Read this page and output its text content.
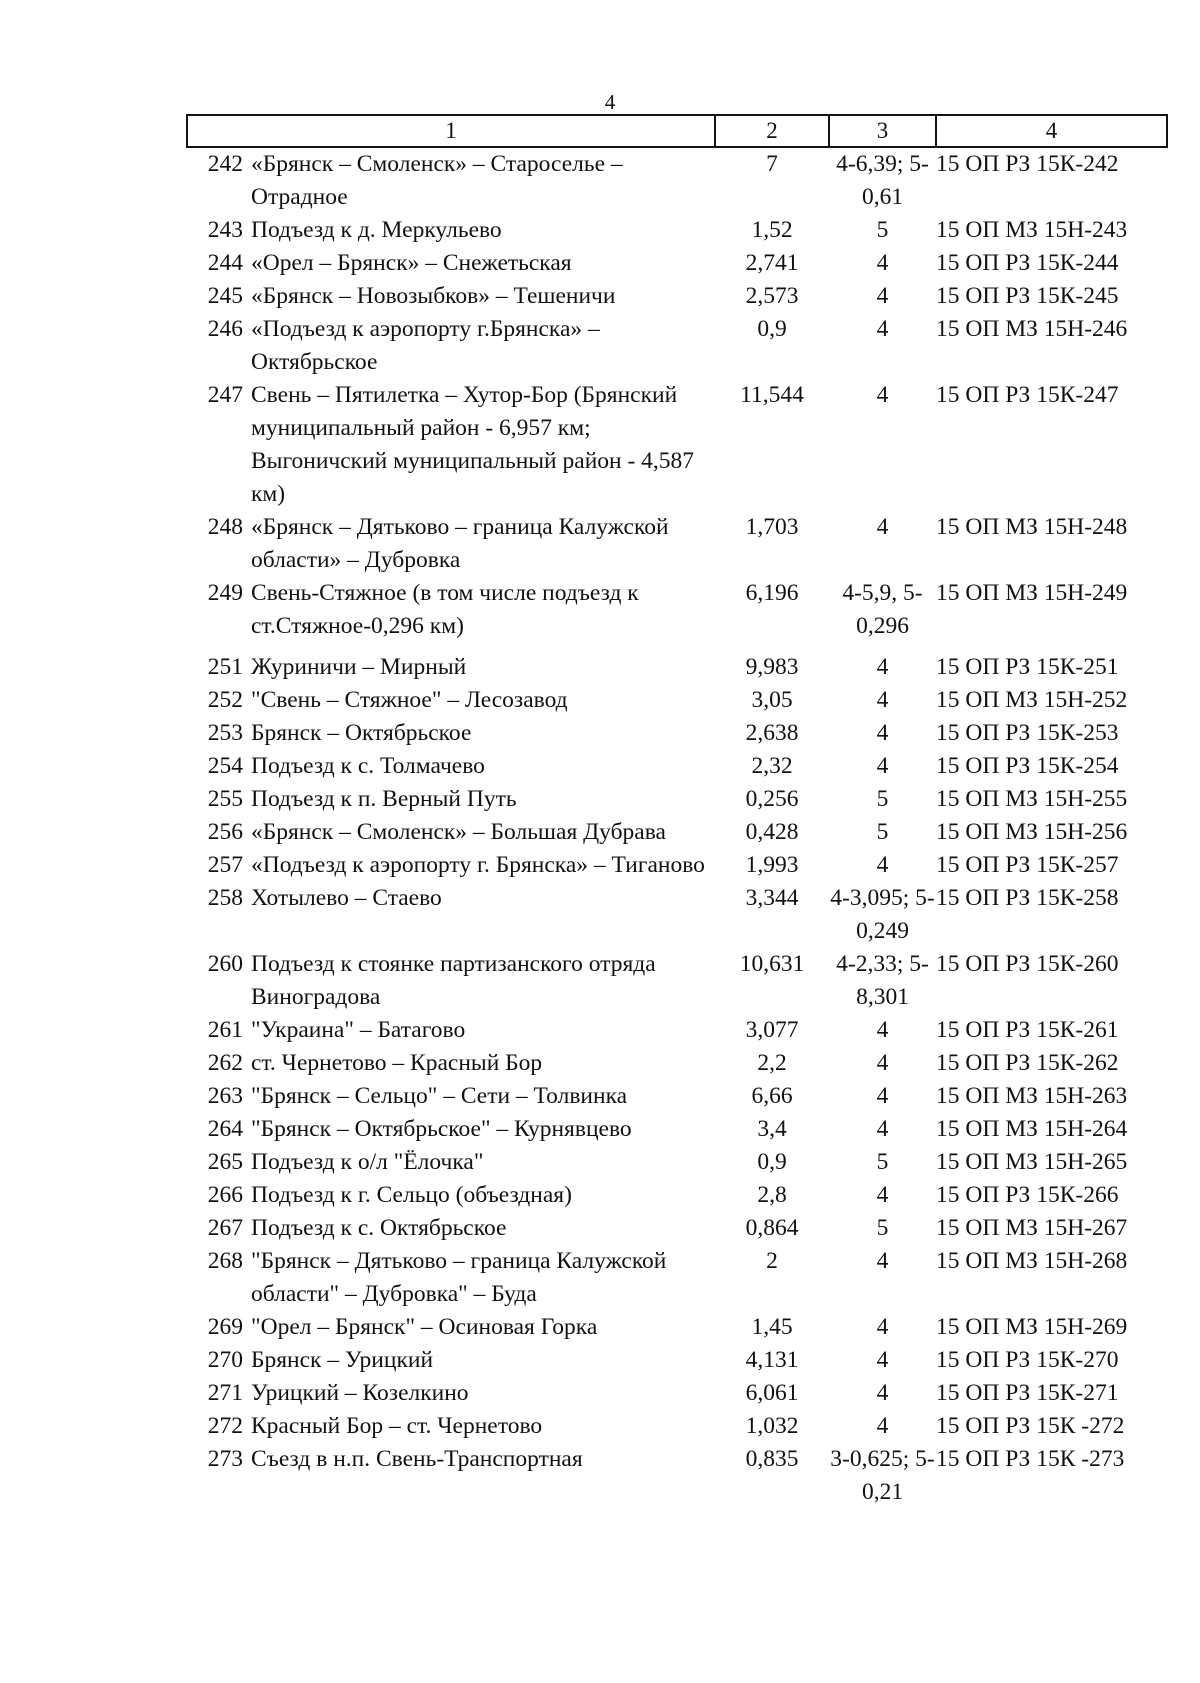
4
1	2	3	4

242 «Брянск – Смоленск» – Староселье – Отрадное	7	4-6,39; 5-0,61	15 ОП РЗ 15К-242

243 Подъезд к д. Меркульево	1,52	5	15 ОП МЗ 15Н-243

244 «Орел – Брянск» – Снежетьская	2,741	4	15 ОП РЗ 15К-244

245 «Брянск – Новозыбков» – Тешеничи	2,573	4	15 ОП РЗ 15К-245

246 «Подъезд к аэропорту г.Брянска» – Октябрьское	0,9	4	15 ОП МЗ 15Н-246

247 Свень – Пятилетка – Хутор-Бор (Брянский муниципальный район - 6,957 км; Выгоничский муниципальный район - 4,587 км)	11,544	4	15 ОП РЗ 15К-247

248 «Брянск – Дятьково – граница Калужской области» – Дубровка	1,703	4	15 ОП МЗ 15Н-248

249 Свень-Стяжное (в том числе подъезд к ст.Стяжное-0,296 км)	6,196	4-5,9, 5-0,296	15 ОП МЗ 15Н-249

251 Журиничи – Мирный	9,983	4	15 ОП РЗ 15К-251

252 "Свень – Стяжное" – Лесозавод	3,05	4	15 ОП МЗ 15Н-252

253 Брянск – Октябрьское	2,638	4	15 ОП РЗ 15К-253

254 Подъезд к с. Толмачево	2,32	4	15 ОП РЗ 15К-254

255 Подъезд к п. Верный Путь	0,256	5	15 ОП МЗ 15Н-255

256 «Брянск – Смоленск» – Большая Дубрава	0,428	5	15 ОП МЗ 15Н-256

257 «Подъезд к аэропорту г. Брянска» – Тиганово	1,993	4	15 ОП РЗ 15К-257

258 Хотылево – Стаево	3,344	4-3,095; 5-0,249	15 ОП РЗ 15К-258

260 Подъезд к стоянке партизанского отряда Виноградова	10,631	4-2,33; 5-8,301	15 ОП РЗ 15К-260

261 "Украина" – Батагово	3,077	4	15 ОП РЗ 15К-261

262 ст. Чернетово – Красный Бор	2,2	4	15 ОП РЗ 15К-262

263 "Брянск – Сельцо" – Сети – Толвинка	6,66	4	15 ОП МЗ 15Н-263

264 "Брянск – Октябрьское" – Курнявцево	3,4	4	15 ОП МЗ 15Н-264

265 Подъезд к о/л "Ёлочка"	0,9	5	15 ОП МЗ 15Н-265

266 Подъезд к г. Сельцо (объездная)	2,8	4	15 ОП РЗ 15К-266

267 Подъезд к с. Октябрьское	0,864	5	15 ОП МЗ 15Н-267

268 "Брянск – Дятьково – граница Калужской области" – Дубровка" – Буда	2	4	15 ОП МЗ 15Н-268

269 "Орел – Брянск" – Осиновая Горка	1,45	4	15 ОП МЗ 15Н-269

270 Брянск – Урицкий	4,131	4	15 ОП РЗ 15К-270

271 Урицкий – Козелкино	6,061	4	15 ОП РЗ 15К-271

272 Красный Бор – ст. Чернетово	1,032	4	15 ОП РЗ 15К -272

273 Съезд в н.п. Свень-Транспортная	0,835	3-0,625; 5-0,21	15 ОП РЗ 15К -273
